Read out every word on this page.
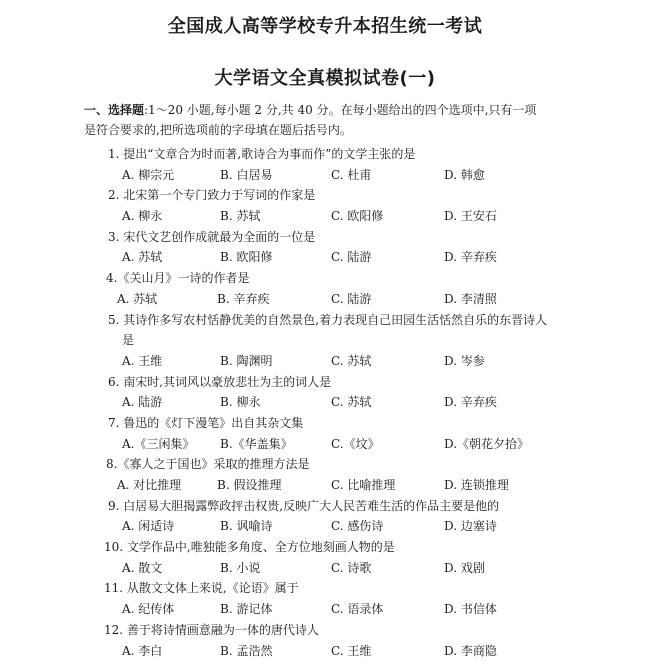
全国成人高等学校专升本招生统一考试
大学语文全真模拟试卷(一)
一、选择题:1～20 小题,每小题 2 分,共 40 分。在每小题给出的四个选项中,只有一项
是符合要求的,把所选项前的字母填在题后括号内。
1. 提出“文章合为时而著,歌诗合为事而作”的文学主张的是
A. 柳宗元	B. 白居易	C. 杜甫	D. 韩愈
2. 北宋第一个专门致力于写词的作家是
A. 柳永	B. 苏轼	C. 欧阳修	D. 王安石
3. 宋代文艺创作成就最为全面的一位是
A. 苏轼	B. 欧阳修	C. 陆游	D. 辛弃疾
4.《关山月》一诗的作者是
A. 苏轼	B. 辛弃疾	C. 陆游	D. 李清照
5. 其诗作多写农村恬静优美的自然景色,着力表现自己田园生活恬然自乐的东晋诗人
是
A. 王维	B. 陶渊明	C. 苏轼	D. 岑参
6. 南宋时,其词风以豪放悲壮为主的词人是
A. 陆游	B. 柳永	C. 苏轼	D. 辛弃疾
7. 鲁迅的《灯下漫笔》出自其杂文集
A.《三闲集》 B.《华盖集》	C.《坟》	D.《朝花夕拾》
8.《寡人之于国也》采取的推理方法是
A. 对比推理	B. 假设推理	C. 比喻推理	D. 连锁推理
9. 白居易大胆揭露弊政抨击权贵,反映广大人民苦难生活的作品主要是他的
A. 闲适诗	B. 讽喻诗	C. 感伤诗	D. 边塞诗
10. 文学作品中,唯独能多角度、全方位地刻画人物的是
A. 散文	B. 小说	C. 诗歌	D. 戏剧
11. 从散文文体上来说,《论语》属于
A. 纪传体	B. 游记体	C. 语录体	D. 书信体
12. 善于将诗情画意融为一体的唐代诗人
A. 李白	B. 孟浩然	C. 王维	D. 李商隐
